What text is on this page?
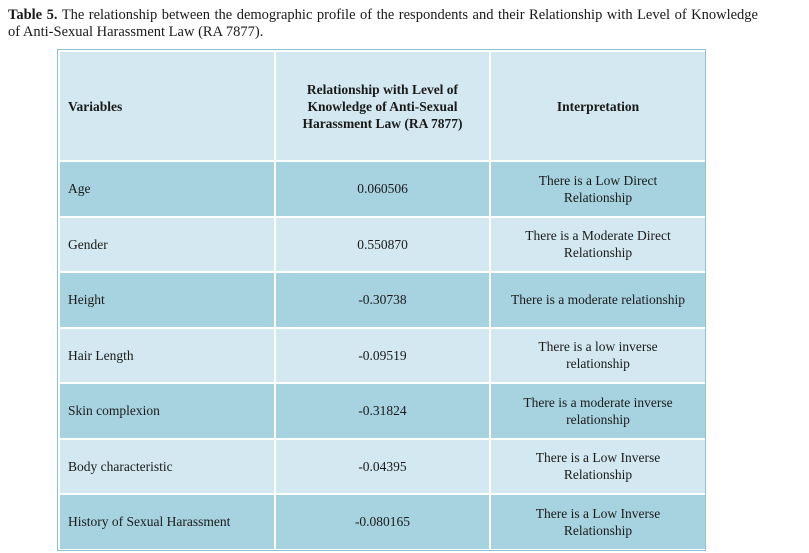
Table 5. The relationship between the demographic profile of the respondents and their Relationship with Level of Knowledge of Anti-Sexual Harassment Law (RA 7877).
Variables	Relationship with Level of Knowledge of Anti-Sexual Harassment Law (RA 7877)	Interpretation
Age	0.060506	There is a Low Direct Relationship
Gender	0.550870	There is a Moderate Direct Relationship
Height	-0.30738	There is a moderate relationship
Hair Length	-0.09519	There is a low inverse relationship
Skin complexion	-0.31824	There is a moderate inverse relationship
Body characteristic	-0.04395	There is a Low Inverse Relationship
History of Sexual Harassment	-0.080165	There is a Low Inverse Relationship
